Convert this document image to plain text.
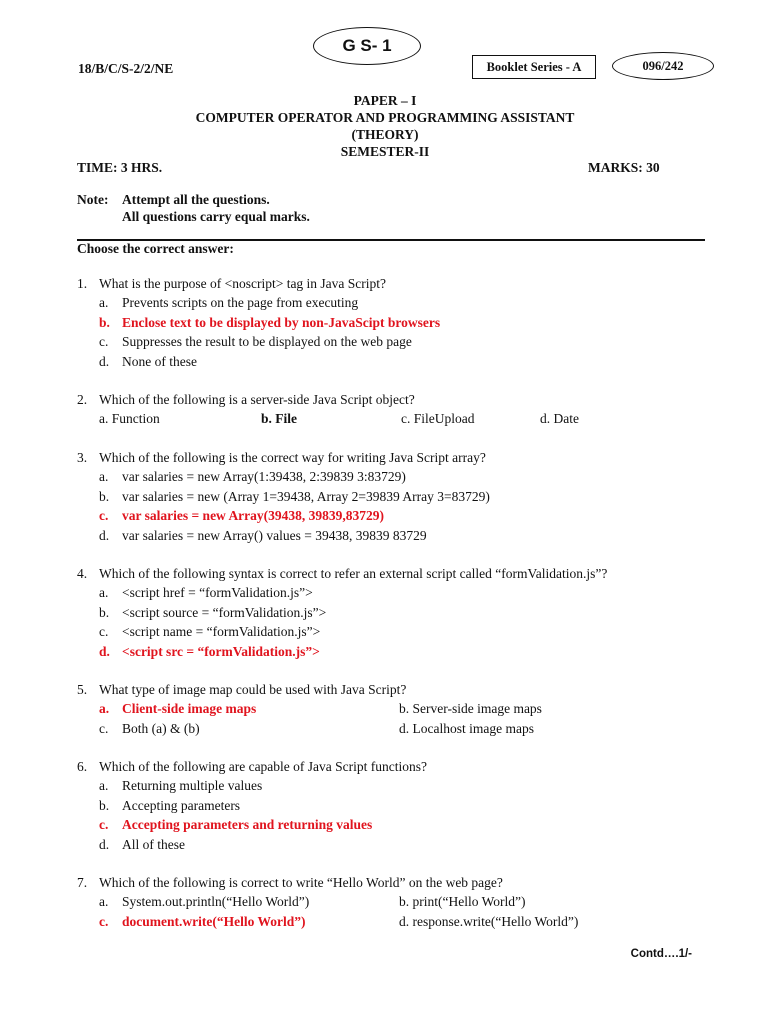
G S- 1
18/B/C/S-2/2/NE	Booklet Series - A	096/242
PAPER – I
COMPUTER OPERATOR AND PROGRAMMING ASSISTANT
(THEORY)
SEMESTER-II
TIME: 3 HRS.	MARKS: 30
Note: Attempt all the questions.
All questions carry equal marks.
Choose the correct answer:
1. What is the purpose of <noscript> tag in Java Script?
a. Prevents scripts on the page from executing
b. Enclose text to be displayed by non-JavaScipt browsers
c. Suppresses the result to be displayed on the web page
d. None of these
2. Which of the following is a server-side Java Script object?
a. Function	b. File	c. FileUpload	d. Date
3. Which of the following is the correct way for writing Java Script array?
a. var salaries = new Array(1:39438, 2:39839 3:83729)
b. var salaries = new (Array 1=39438, Array 2=39839 Array 3=83729)
c. var salaries = new Array(39438, 39839,83729)
d. var salaries = new Array() values = 39438, 39839 83729
4. Which of the following syntax is correct to refer an external script called “formValidation.js”?
a. <script href = “formValidation.js”>
b. <script source = “formValidation.js”>
c. <script name = “formValidation.js”>
d. <script src = “formValidation.js”>
5. What type of image map could be used with Java Script?
a. Client-side image maps	b. Server-side image maps
c. Both (a) & (b)	d. Localhost image maps
6. Which of the following are capable of Java Script functions?
a. Returning multiple values
b. Accepting parameters
c. Accepting parameters and returning values
d. All of these
7. Which of the following is correct to write “Hello World” on the web page?
a. System.out.println(“Hello World”)	b. print(“Hello World”)
c. document.write(“Hello World”)	d. response.write(“Hello World”)
Contd….1/-
